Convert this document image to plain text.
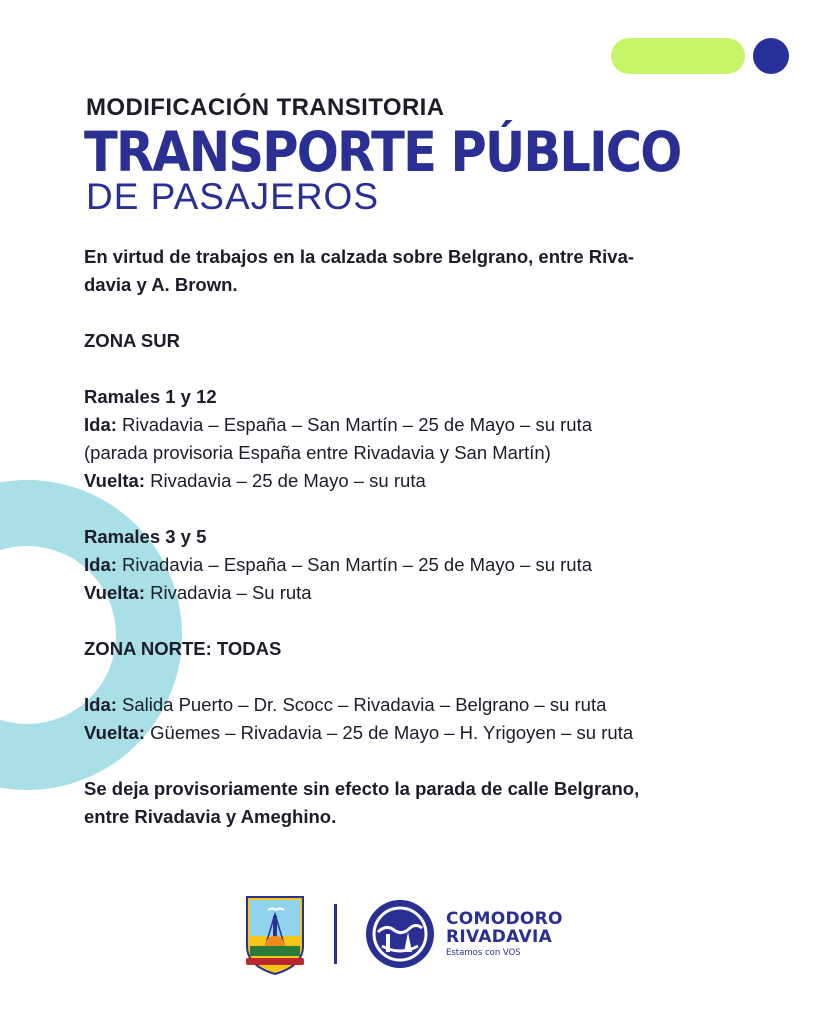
MODIFICACIÓN TRANSITORIA
TRANSPORTE PÚBLICO
DE PASAJEROS

En virtud de trabajos en la calzada sobre Belgrano, entre Riva-

davia y A. Brown.

ZONA SUR

Ramales 1 y 12

Ida: Rivadavia – España – San Martín – 25 de Mayo – su ruta

(parada provisoria España entre Rivadavia y San Martín)

Vuelta: Rivadavia – 25 de Mayo – su ruta

Ramales 3 y 5

Ida: Rivadavia – España – San Martín – 25 de Mayo – su ruta

Vuelta: Rivadavia – Su ruta

ZONA NORTE: TODAS

Ida: Salida Puerto – Dr. Scocc – Rivadavia – Belgrano – su ruta

Vuelta: Güemes – Rivadavia – 25 de Mayo – H. Yrigoyen – su ruta

Se deja provisoriamente sin efecto la parada de calle Belgrano,

entre Rivadavia y Ameghino.

COMODORO
RIVADAVIA
Estamos con VOS
